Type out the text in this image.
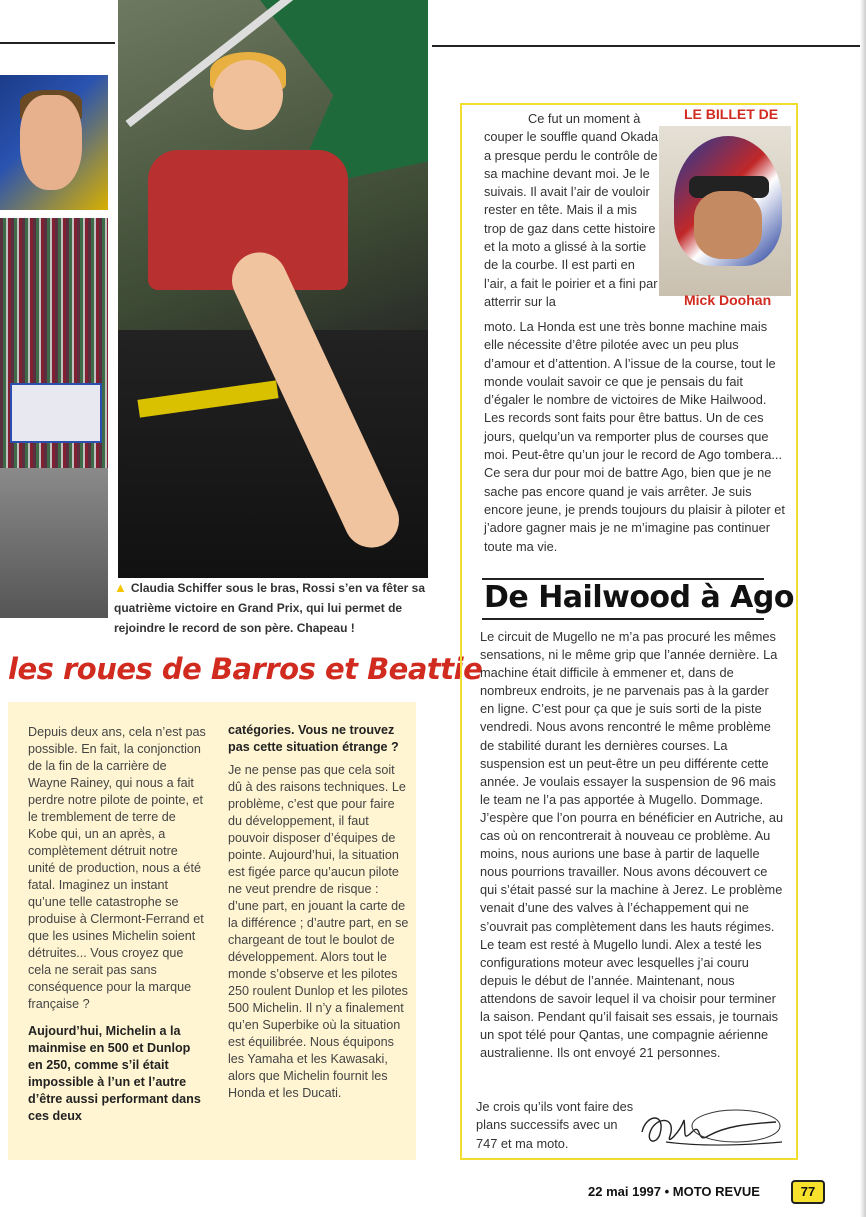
▲ Claudia Schiffer sous le bras, Rossi s’en va fêter sa quatrième victoire en Grand Prix, qui lui permet de rejoindre le record de son père. Chapeau !
les roues de Barros et Beattie

Depuis deux ans, cela n’est pas possible. En fait, la conjonction de la fin de la carrière de Wayne Rainey, qui nous a fait perdre notre pilote de pointe, et le tremblement de terre de Kobe qui, un an après, a complètement détruit notre unité de production, nous a été fatal. Imaginez un instant qu’une telle catastrophe se produise à Clermont-Ferrand et que les usines Michelin soient détruites... Vous croyez que cela ne serait pas sans conséquence pour la marque française ?

Aujourd’hui, Michelin a la mainmise en 500 et Dunlop en 250, comme s’il était impossible à l’un et l’autre d’être aussi performant dans ces deux

catégories. Vous ne trouvez pas cette situation étrange ?

Je ne pense pas que cela soit dû à des raisons techniques. Le problème, c’est que pour faire du développement, il faut pouvoir disposer d’équipes de pointe. Aujourd’hui, la situation est figée parce qu’aucun pilote ne veut prendre de risque : d’une part, en jouant la carte de la différence ; d’autre part, en se chargeant de tout le boulot de développement. Alors tout le monde s’observe et les pilotes 250 roulent Dunlop et les pilotes 500 Michelin. Il n’y a finalement qu’en Superbike où la situation est équilibrée. Nous équipons les Yamaha et les Kawasaki, alors que Michelin fournit les Honda et les Ducati.

LE BILLET DE
Mick Doohan
Ce fut un moment à couper le souffle quand Okada a presque perdu le contrôle de sa machine devant moi. Je le suivais. Il avait l’air de vouloir rester en tête. Mais il a mis trop de gaz dans cette histoire et la moto a glissé à la sortie de la courbe. Il est parti en l’air, a fait le poirier et a fini par atterrir sur la
moto. La Honda est une très bonne machine mais elle nécessite d’être pilotée avec un peu plus d’amour et d’attention. A l’issue de la course, tout le monde voulait savoir ce que je pensais du fait d’égaler le nombre de victoires de Mike Hailwood. Les records sont faits pour être battus. Un de ces jours, quelqu’un va remporter plus de courses que moi. Peut-être qu’un jour le record de Ago tombera... Ce sera dur pour moi de battre Ago, bien que je ne sache pas encore quand je vais arrêter. Je suis encore jeune, je prends toujours du plaisir à piloter et j’adore gagner mais je ne m’imagine pas continuer toute ma vie.
De Hailwood à Ago
Le circuit de Mugello ne m’a pas procuré les mêmes sensations, ni le même grip que l’année dernière. La machine était difficile à emmener et, dans de nombreux endroits, je ne parvenais pas à la garder en ligne. C’est pour ça que je suis sorti de la piste vendredi. Nous avons rencontré le même problème de stabilité durant les dernières courses. La suspension est un peut-être un peu différente cette année. Je voulais essayer la suspension de 96 mais le team ne l’a pas apportée à Mugello. Dommage. J’espère que l’on pourra en bénéficier en Autriche, au cas où on rencontrerait à nouveau ce problème. Au moins, nous aurions une base à partir de laquelle nous pourrions travailler. Nous avons découvert ce qui s’était passé sur la machine à Jerez. Le problème venait d’une des valves à l’échappement qui ne s’ouvrait pas complètement dans les hauts régimes. Le team est resté à Mugello lundi. Alex a testé les configurations moteur avec lesquelles j’ai couru depuis le début de l’année. Maintenant, nous attendons de savoir lequel il va choisir pour terminer la saison. Pendant qu’il faisait ses essais, je tournais un spot télé pour Qantas, une compagnie aérienne australienne. Ils ont envoyé 21 personnes.
Je crois qu’ils vont faire des plans successifs avec un 747 et ma moto.
22 mai 1997 • MOTO REVUE	77
